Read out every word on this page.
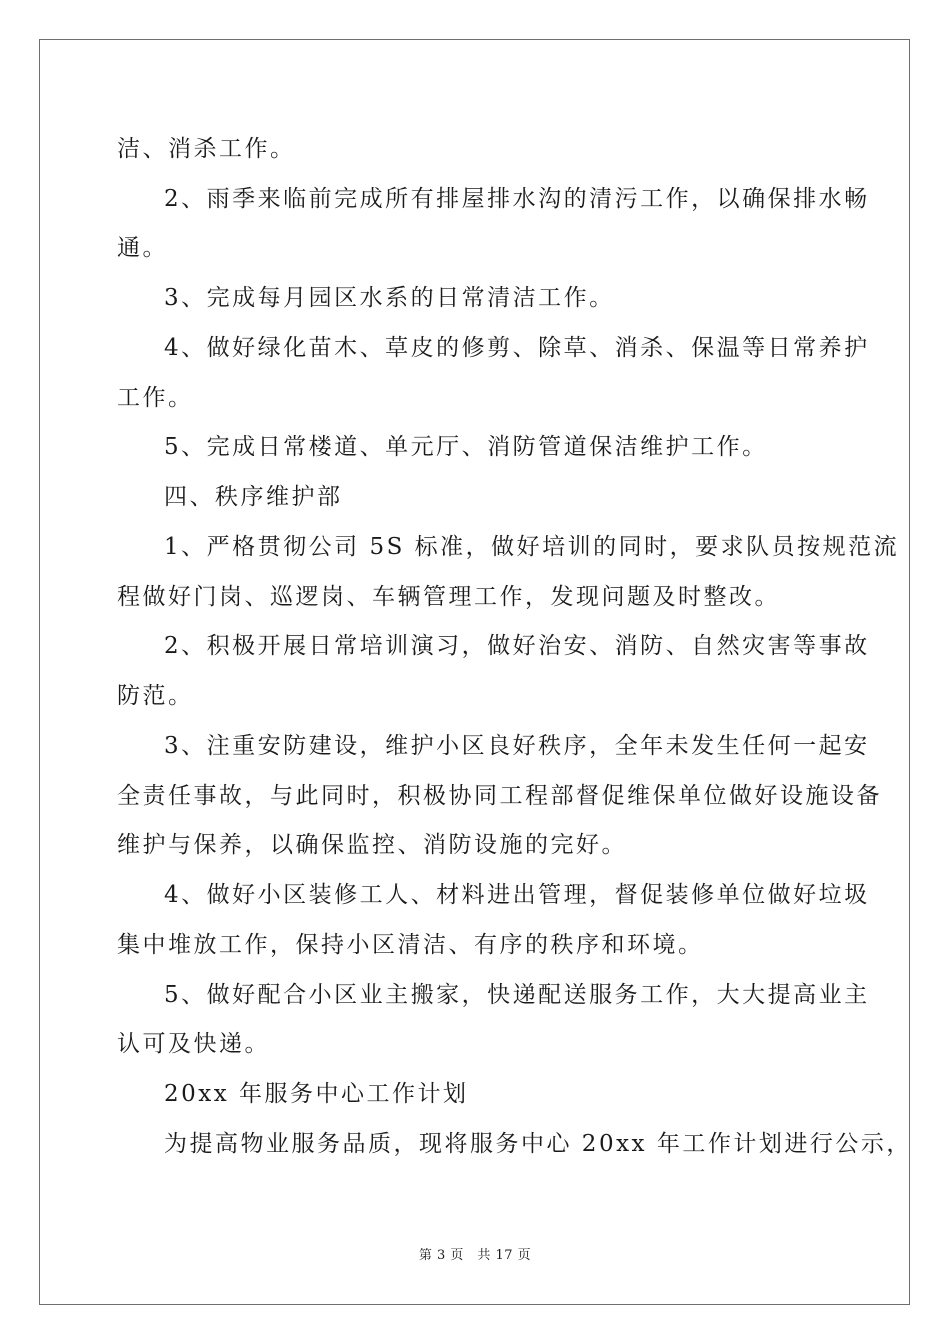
洁、消杀工作。
2、雨季来临前完成所有排屋排水沟的清污工作，以确保排水畅
通。
3、完成每月园区水系的日常清洁工作。
4、做好绿化苗木、草皮的修剪、除草、消杀、保温等日常养护
工作。
5、完成日常楼道、单元厅、消防管道保洁维护工作。
四、秩序维护部
1、严格贯彻公司 5S 标准，做好培训的同时，要求队员按规范流
程做好门岗、巡逻岗、车辆管理工作，发现问题及时整改。
2、积极开展日常培训演习，做好治安、消防、自然灾害等事故
防范。
3、注重安防建设，维护小区良好秩序，全年未发生任何一起安
全责任事故，与此同时，积极协同工程部督促维保单位做好设施设备
维护与保养，以确保监控、消防设施的完好。
4、做好小区装修工人、材料进出管理，督促装修单位做好垃圾
集中堆放工作，保持小区清洁、有序的秩序和环境。
5、做好配合小区业主搬家，快递配送服务工作，大大提高业主
认可及快递。
20xx 年服务中心工作计划
为提高物业服务品质，现将服务中心 20xx 年工作计划进行公示，
第 3 页　共 17 页
